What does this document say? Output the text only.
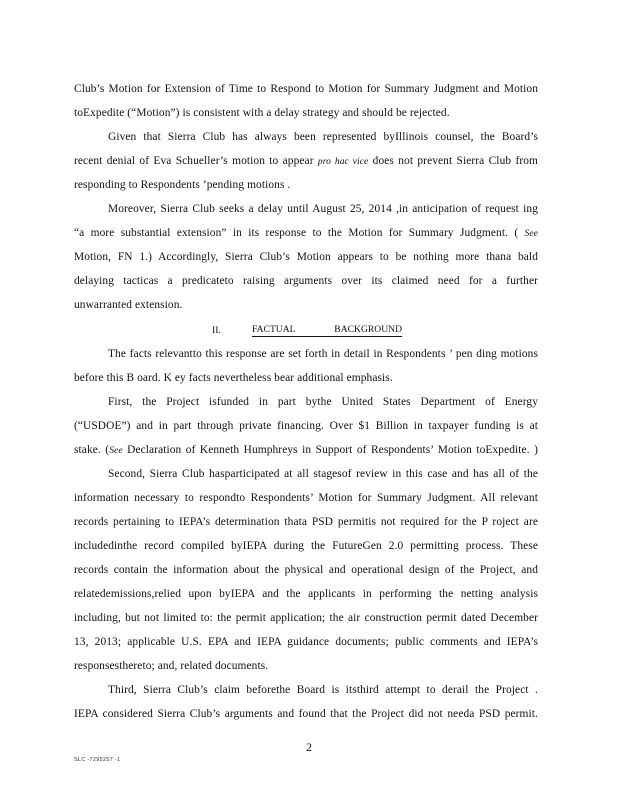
Club’s Motion for Extension of Time to Respond to Motion for Summary Judgment and Motion
toExpedite (“Motion”) is consistent with a delay strategy and should be rejected.
Given that Sierra Club has always been represented byIllinois counsel, the Board’s
recent denial of Eva Schueller’s motion to appear pro hac vice does not prevent Sierra Club from
responding to Respondents ’pending motions .
Moreover, Sierra Club seeks a delay until August 25, 2014 ,in anticipation of request ing
“a more substantial extension” in its response to the Motion for Summary Judgment. ( See
Motion, FN 1.) Accordingly, Sierra Club’s Motion appears to be nothing more thana bald
delaying tacticas a predicateto raising arguments over its claimed need for a further
unwarranted extension.
The facts relevantto this response are set forth in detail in Respondents ’ pen ding motions
before this B oard. K ey facts nevertheless bear additional emphasis.
First, the Project isfunded in part bythe United States Department of Energy
(“USDOE”) and in part through private financing. Over $1 Billion in taxpayer funding is at
stake. (See Declaration of Kenneth Humphreys in Support of Respondents’ Motion toExpedite. )
Second, Sierra Club hasparticipated at all stagesof review in this case and has all of the
information necessary to respondto Respondents’ Motion for Summary Judgment. All relevant
records pertaining to IEPA’s determination thata PSD permitis not required for the P roject are
includedinthe record compiled byIEPA during the FutureGen 2.0 permitting process. These
records contain the information about the physical and operational design of the Project, and
relatedemissions,relied upon byIEPA and the applicants in performing the netting analysis
including, but not limited to: the permit application; the air construction permit dated December
13, 2013; applicable U.S. EPA and IEPA guidance documents; public comments and IEPA’s
responsesthereto; and, related documents.
Third, Sierra Club’s claim beforethe Board is itsthird attempt to derail the Project .
IEPA considered Sierra Club’s arguments and found that the Project did not needa PSD permit.
II.	FACTUAL BACKGROUND
2
SLC -7295257 -1
